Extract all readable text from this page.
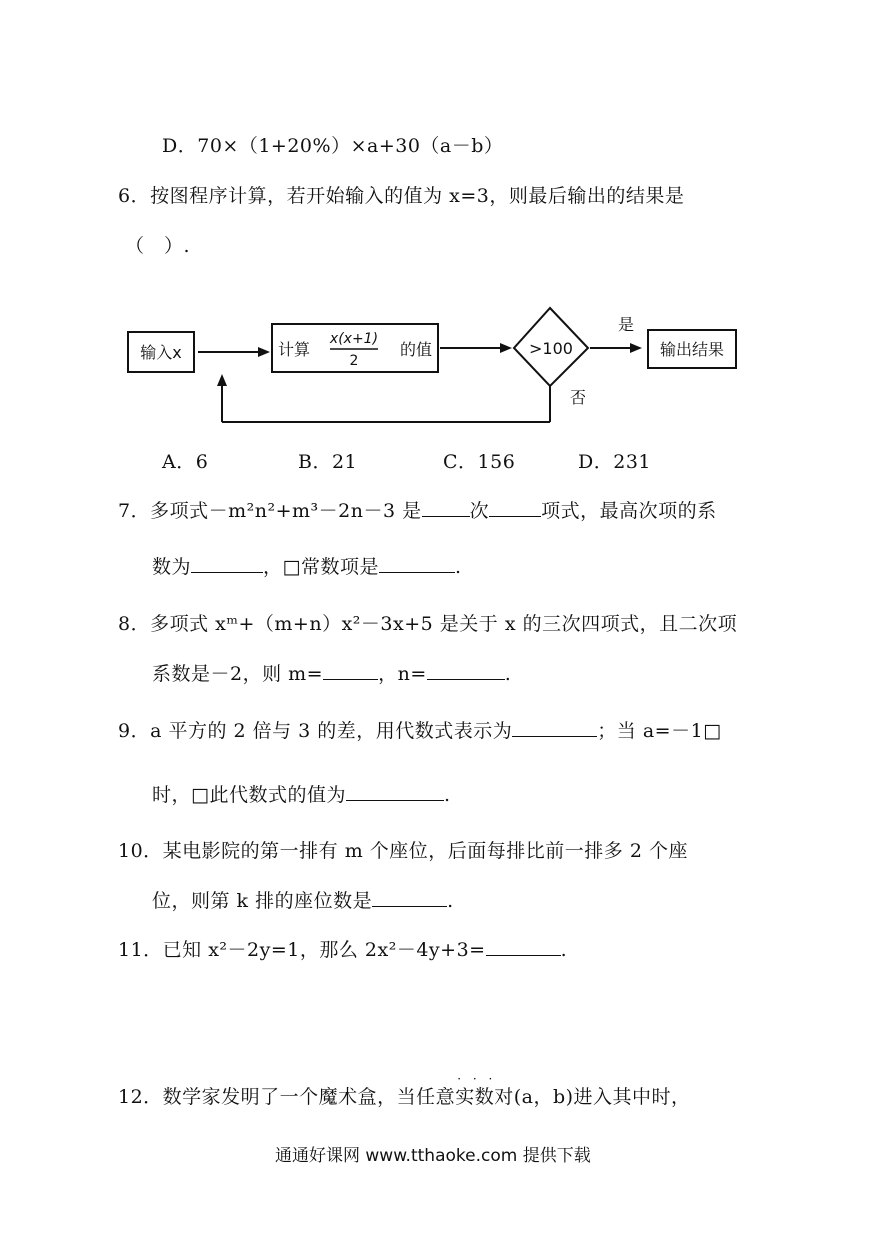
D．70×（1+20%）×a+30（a－b）
6．按图程序计算，若开始输入的值为 x=3，则最后输出的结果是
（　）.
输入x	计算
x(x+1)
2
的值	>100
是
输出结果
否
A．6	B．21	C．156	D．231
7．多项式－m²n²+m³－2n－3 是	次	项式，最高次项的系
数为	，□常数项是	.
8．多项式 xᵐ+（m+n）x²－3x+5 是关于 x 的三次四项式，且二次项
系数是－2，则 m=	，n=	.
9．a 平方的 2 倍与 3 的差，用代数式表示为	；当 a=－1□
时，□此代数式的值为	.
10．某电影院的第一排有 m 个座位，后面每排比前一排多 2 个座
位，则第 k 排的座位数是	.
11．已知 x²－2y=1，那么 2x²－4y+3=	.
12．数学家发明了一个魔术盒，当任意· · · 实数对(a，b)进入其中时，
通通好课网 www.tthaoke.com 提供下载
